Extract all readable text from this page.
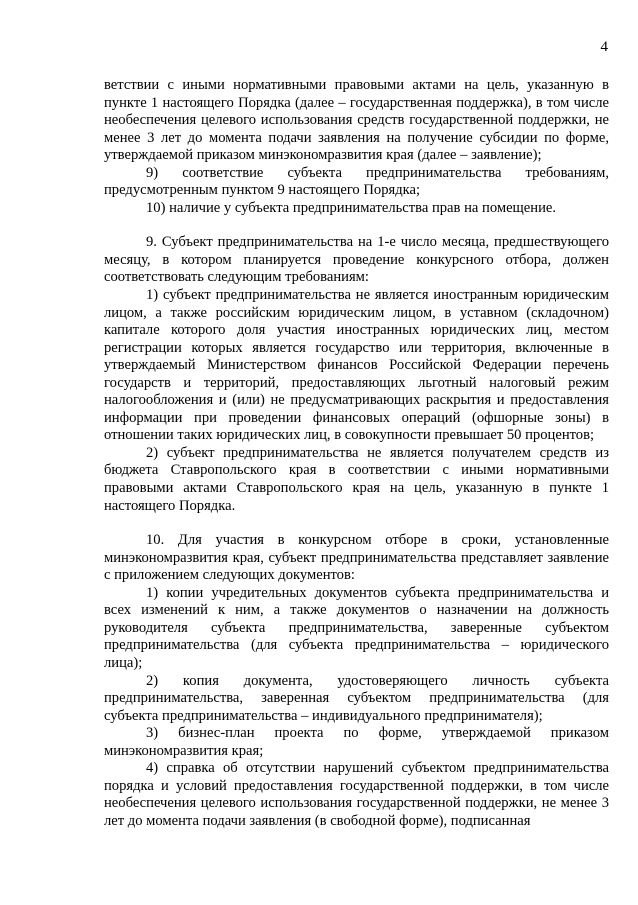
4

ветствии с иными нормативными правовыми актами на цель, указанную в пункте 1 настоящего Порядка (далее – государственная поддержка), в том числе необеспечения целевого использования средств государственной поддержки, не менее 3 лет до момента подачи заявления на получение субсидии по форме, утверждаемой приказом минэкономразвития края (далее – заявление);

9) соответствие субъекта предпринимательства требованиям, предусмотренным пунктом 9 настоящего Порядка;

10) наличие у субъекта предпринимательства прав на помещение.

9. Субъект предпринимательства на 1-е число месяца, предшествующего месяцу, в котором планируется проведение конкурсного отбора, должен соответствовать следующим требованиям:

1) субъект предпринимательства не является иностранным юридическим лицом, а также российским юридическим лицом, в уставном (складочном) капитале которого доля участия иностранных юридических лиц, местом регистрации которых является государство или территория, включенные в утверждаемый Министерством финансов Российской Федерации перечень государств и территорий, предоставляющих льготный налоговый режим налогообложения и (или) не предусматривающих раскрытия и предоставления информации при проведении финансовых операций (офшорные зоны) в отношении таких юридических лиц, в совокупности превышает 50 процентов;

2) субъект предпринимательства не является получателем средств из бюджета Ставропольского края в соответствии с иными нормативными правовыми актами Ставропольского края на цель, указанную в пункте 1 настоящего Порядка.

10. Для участия в конкурсном отборе в сроки, установленные минэкономразвития края, субъект предпринимательства представляет заявление с приложением следующих документов:

1) копии учредительных документов субъекта предпринимательства и всех изменений к ним, а также документов о назначении на должность руководителя субъекта предпринимательства, заверенные субъектом предпринимательства (для субъекта предпринимательства – юридического лица);

2) копия документа, удостоверяющего личность субъекта предпринимательства, заверенная субъектом предпринимательства (для субъекта предпринимательства – индивидуального предпринимателя);

3) бизнес-план проекта по форме, утверждаемой приказом минэкономразвития края;

4) справка об отсутствии нарушений субъектом предпринимательства порядка и условий предоставления государственной поддержки, в том числе необеспечения целевого использования государственной поддержки, не менее 3 лет до момента подачи заявления (в свободной форме), подписанная
